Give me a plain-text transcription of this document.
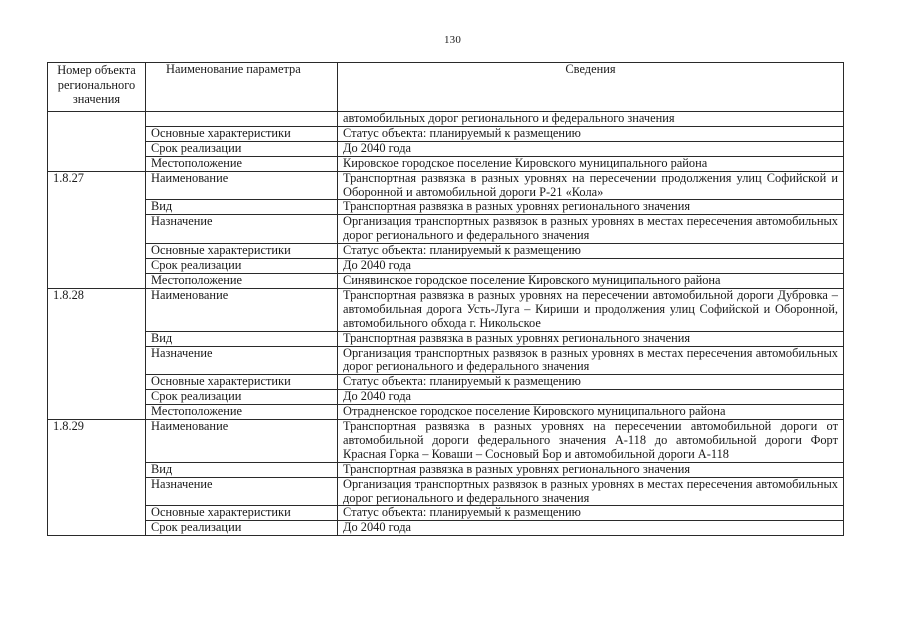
130
Номер объекта регионального значения	Наименование параметра	Сведения
		автомобильных дорог регионального и федерального значения
	Основные характеристики	Статус объекта: планируемый к размещению
	Срок реализации	До 2040 года
	Местоположение	Кировское городское поселение Кировского муниципального района
1.8.27	Наименование	Транспортная развязка в разных уровнях на пересечении продолжения улиц Софийской и Оборонной и автомобильной дороги Р-21 «Кола»
	Вид	Транспортная развязка в разных уровнях регионального значения
	Назначение	Организация транспортных развязок в разных уровнях в местах пересечения автомобильных дорог регионального и федерального значения
	Основные характеристики	Статус объекта: планируемый к размещению
	Срок реализации	До 2040 года
	Местоположение	Синявинское городское поселение Кировского муниципального района
1.8.28	Наименование	Транспортная развязка в разных уровнях на пересечении автомобильной дороги Дубровка – автомобильная дорога Усть-Луга – Кириши и продолжения улиц Софийской и Оборонной, автомобильного обхода г. Никольское
	Вид	Транспортная развязка в разных уровнях регионального значения
	Назначение	Организация транспортных развязок в разных уровнях в местах пересечения автомобильных дорог регионального и федерального значения
	Основные характеристики	Статус объекта: планируемый к размещению
	Срок реализации	До 2040 года
	Местоположение	Отрадненское городское поселение Кировского муниципального района
1.8.29	Наименование	Транспортная развязка в разных уровнях на пересечении автомобильной дороги от автомобильной дороги федерального значения А-118 до автомобильной дороги Форт Красная Горка – Коваши – Сосновый Бор и автомобильной дороги А-118
	Вид	Транспортная развязка в разных уровнях регионального значения
	Назначение	Организация транспортных развязок в разных уровнях в местах пересечения автомобильных дорог регионального и федерального значения
	Основные характеристики	Статус объекта: планируемый к размещению
	Срок реализации	До 2040 года
